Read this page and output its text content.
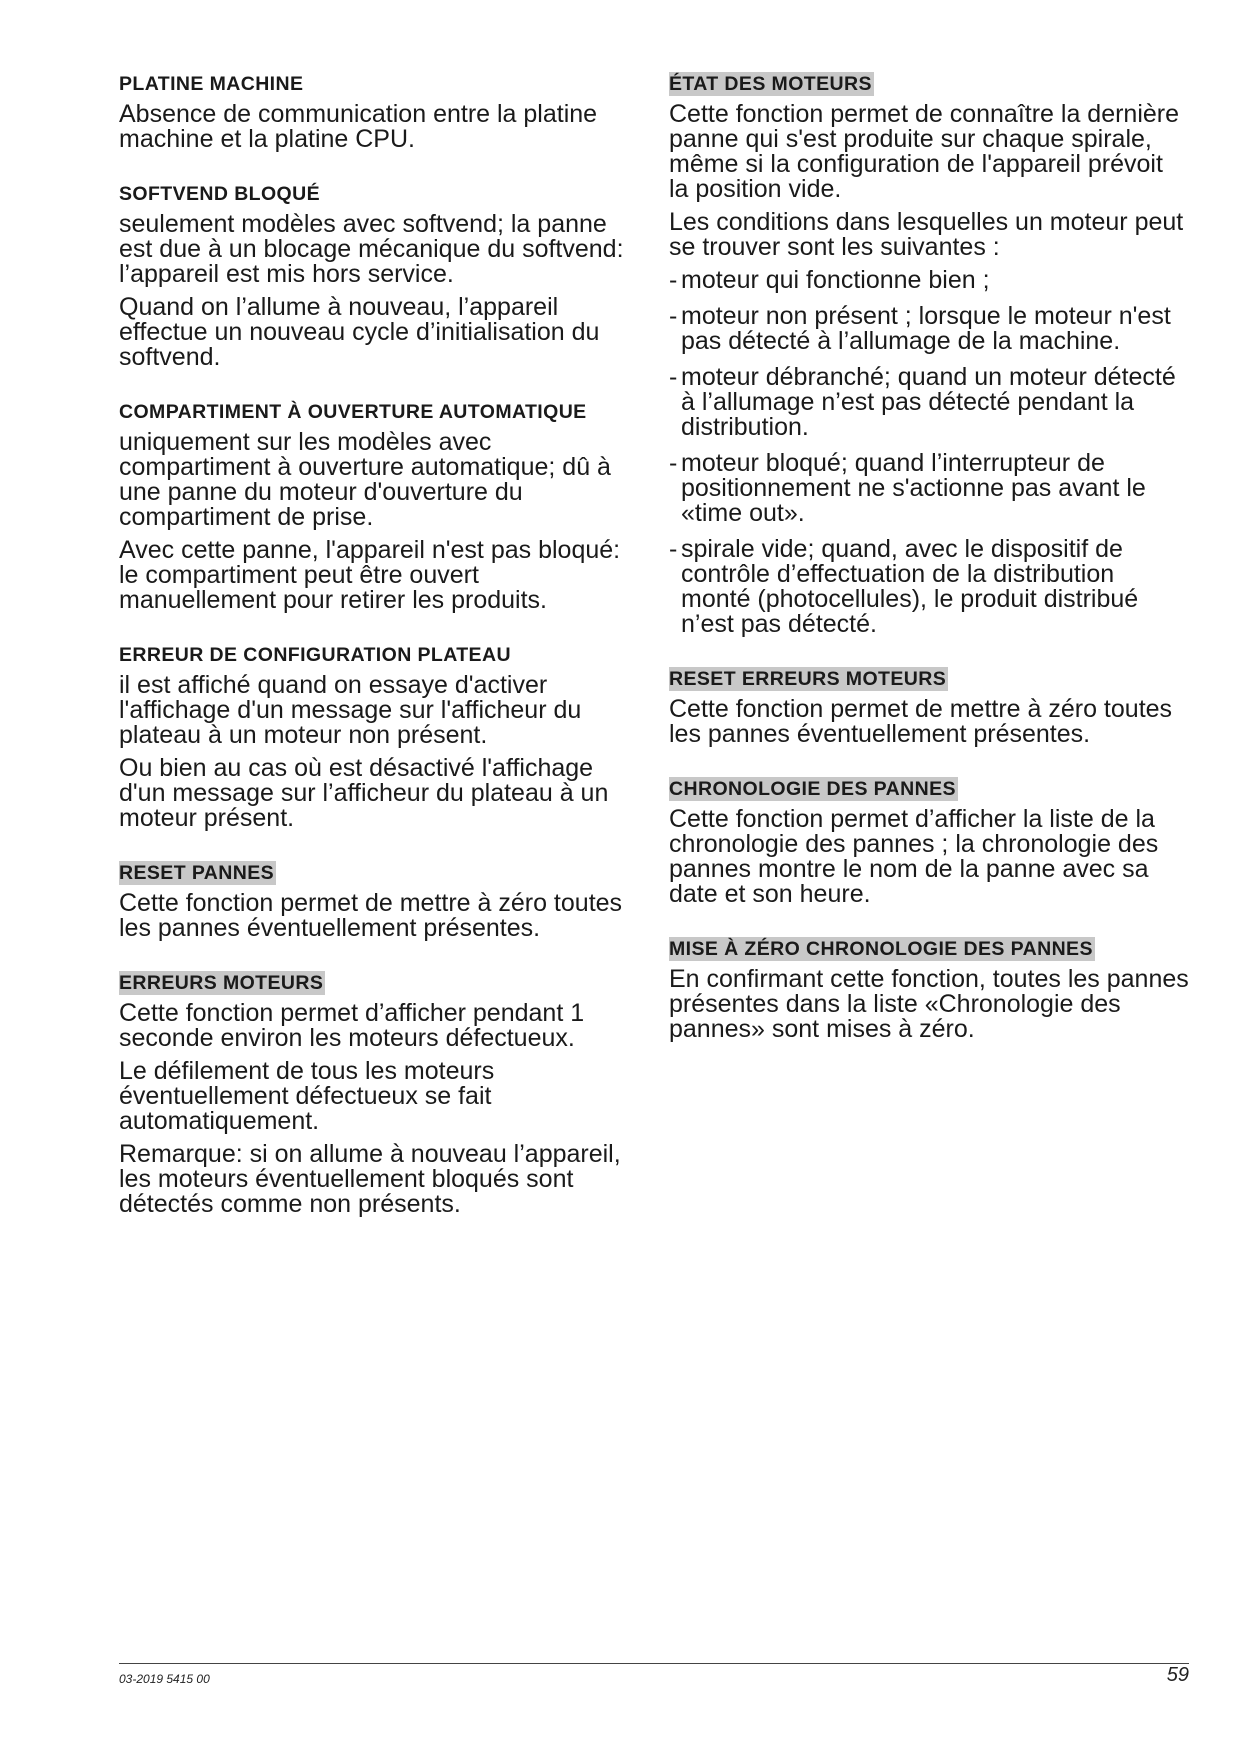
PLATINE MACHINE

Absence de communication entre la platine machine et la platine CPU.

SOFTVEND BLOQUÉ

seulement modèles avec softvend; la panne est due à un blocage mécanique du softvend: l’appareil est mis hors service.

Quand on l’allume à nouveau, l’appareil effectue un nouveau cycle d’initialisation du softvend.

COMPARTIMENT À OUVERTURE AUTOMATIQUE

uniquement sur les modèles avec compartiment à ouverture automatique; dû à une panne du moteur d'ouverture du compartiment de prise.

Avec cette panne, l'appareil n'est pas bloqué: le compartiment peut être ouvert manuellement pour retirer les produits.

ERREUR DE CONFIGURATION PLATEAU

il est affiché quand on essaye d'activer l'affichage d'un message sur l'afficheur du plateau à un moteur non présent.

Ou bien au cas où est désactivé l'affichage d'un message sur l’afficheur du plateau à un moteur présent.

RESET PANNES

Cette fonction permet de mettre à zéro toutes les pannes éventuellement présentes.

ERREURS MOTEURS

Cette fonction permet d’afficher pendant 1 seconde environ les moteurs défectueux.

Le défilement de tous les moteurs éventuellement défectueux se fait automatiquement.

Remarque: si on allume à nouveau l’appareil, les moteurs éventuellement bloqués sont détectés comme non présents.

ÉTAT DES MOTEURS

Cette fonction permet de connaître la dernière panne qui s'est produite sur chaque spirale, même si la configuration de l'appareil prévoit la position vide.

Les conditions dans lesquelles un moteur peut se trouver sont les suivantes :

- moteur qui fonctionne bien ;
- moteur non présent ; lorsque le moteur n'est pas détecté à l’allumage de la machine.
- moteur débranché; quand un moteur détecté à l’allumage n’est pas détecté pendant la distribution.
- moteur bloqué; quand l’interrupteur de positionnement ne s'actionne pas avant le «time out».
- spirale vide; quand, avec le dispositif de contrôle d’effectuation de la distribution monté (photocellules), le produit distribué n’est pas détecté.
RESET ERREURS MOTEURS

Cette fonction permet de mettre à zéro toutes les pannes éventuellement présentes.

CHRONOLOGIE DES PANNES

Cette fonction permet d’afficher la liste de la chronologie des pannes ; la chronologie des pannes montre le nom de la panne avec sa date et son heure.

MISE À ZÉRO CHRONOLOGIE DES PANNES

En confirmant cette fonction, toutes les pannes présentes dans la liste «Chronologie des pannes» sont mises à zéro.

03-2019 5415 00	59
